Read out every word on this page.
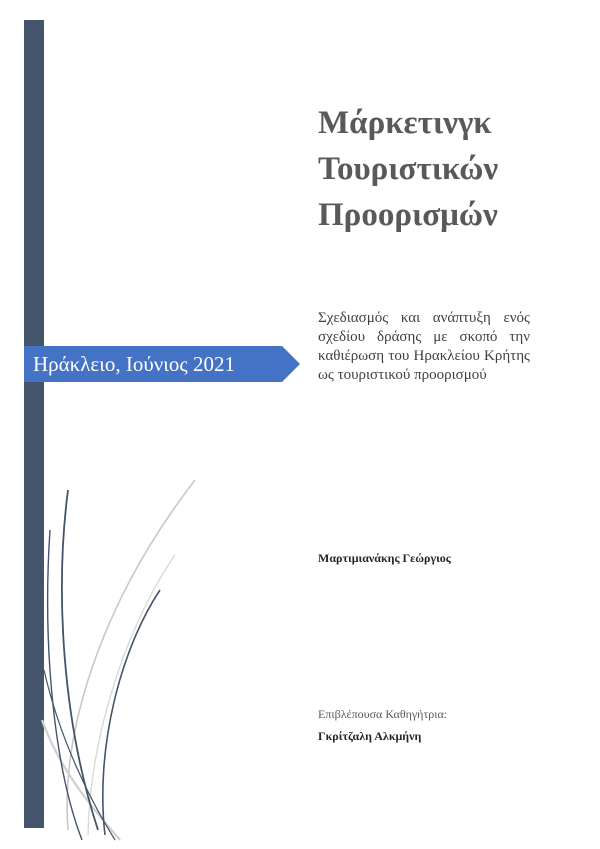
Ηράκλειο, Ιούνιος 2021
Μάρκετινγκ
Τουριστικών
Προορισμών

Σχεδιασμός και ανάπτυξη ενός σχεδίου δράσης με σκοπό την καθιέρωση του Ηρακλείου Κρήτης ως τουριστικού προορισμού

Μαρτιμιανάκης Γεώργιος
Επιβλέπουσα Καθηγήτρια:
Γκρίτζαλη Αλκμήνη
